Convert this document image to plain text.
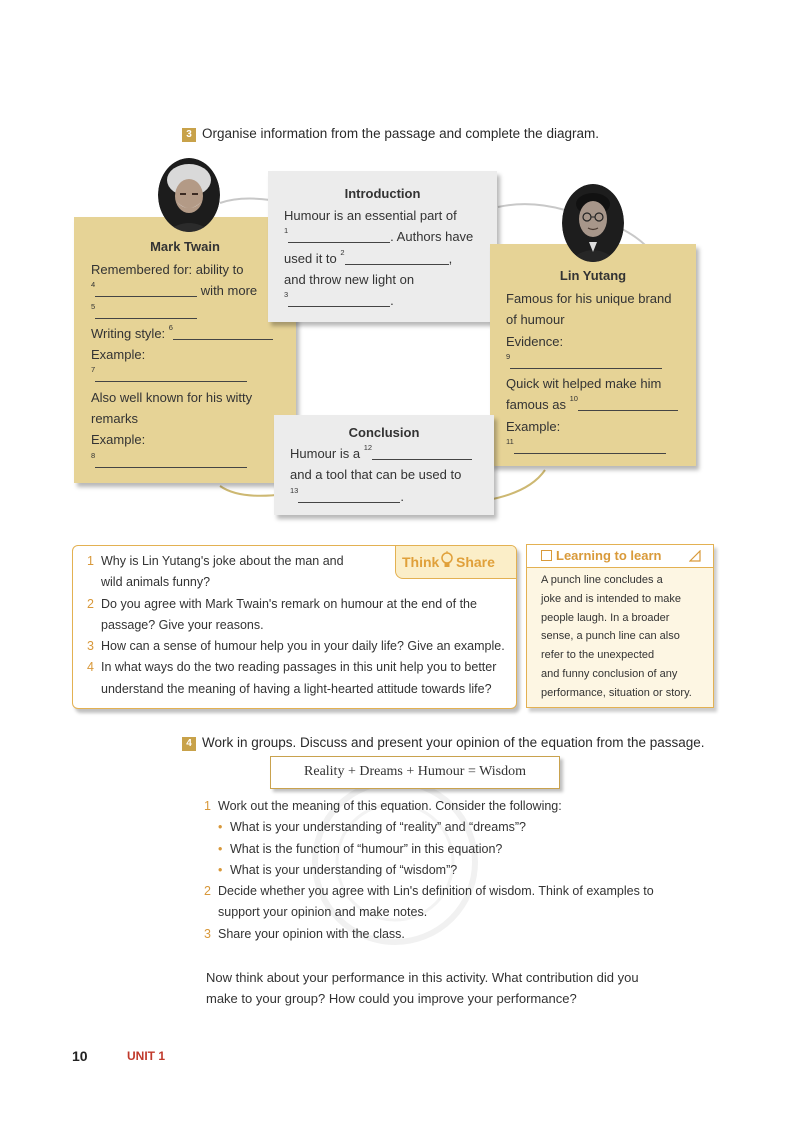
3 Organise information from the passage and complete the diagram.
Mark Twain
Remembered for: ability to
$^4$	with more
$^5$
Writing style: $^6$
Example:
$^7$
Also well known for his witty
remarks
Example:
$^8$
Introduction
Humour is an essential part of
$^1$	. Authors have
used it to $^2$	,
and throw new light on
$^3$	.
Lin Yutang
Famous for his unique brand
of humour
Evidence:
$^9$
Quick wit helped make him
famous as $^{10}$
Example:
$^{11}$
Conclusion
Humour is a $^{12}$
and a tool that can be used to
$^{13}$	.
Think Share
1 Why is Lin Yutang's joke about the man and
wild animals funny?
2 Do you agree with Mark Twain's remark on humour at the end of the
passage? Give your reasons.
3 How can a sense of humour help you in your daily life? Give an example.
4 In what ways do the two reading passages in this unit help you to better
understand the meaning of having a light-hearted attitude towards life?
Learning to learn
A punch line concludes a
joke and is intended to make
people laugh. In a broader
sense, a punch line can also
refer to the unexpected
and funny conclusion of any
performance, situation or story.
4 Work in groups. Discuss and present your opinion of the equation from the passage.
Reality + Dreams + Humour = Wisdom
1 Work out the meaning of this equation. Consider the following:
• What is your understanding of “reality” and “dreams”?
• What is the function of “humour” in this equation?
• What is your understanding of “wisdom”?
2 Decide whether you agree with Lin's definition of wisdom. Think of examples to
support your opinion and make notes.
3 Share your opinion with the class.
Now think about your performance in this activity. What contribution did you
make to your group? How could you improve your performance?
10	UNIT 1
